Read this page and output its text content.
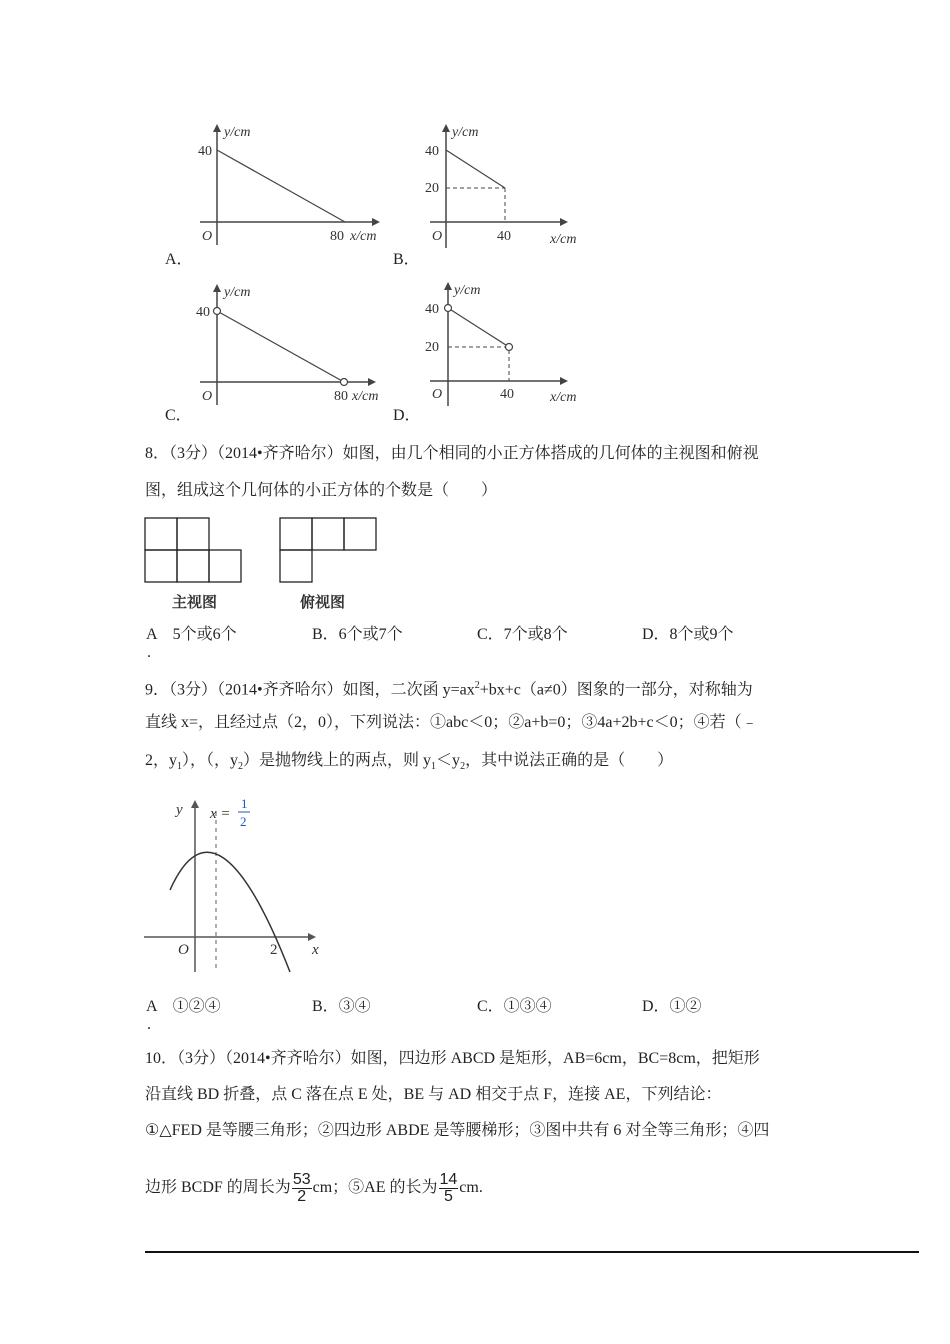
y/cm
40
O	80 x/cm
A．
y/cm
40
20
O	40	x/cm
B．
y/cm
40
O	80 x/cm
C．
y/cm
40
20
O	40	x/cm
D．
8．（3分）（2014•齐齐哈尔）如图，由几个相同的小正方体搭成的几何体的主视图和俯视
图，组成这个几何体的小正方体的个数是（　　）
主视图	俯视图
A　5个或6个	B．6个或7个	C．7个或8个	D．8个或9个
.
9．（3分）（2014•齐齐哈尔）如图，二次函 $y=ax^2+bx+c(a\ne 0)$图象的一部分，对称轴为
直线 x=，且经过点（2，0），下列说法：①abc＜0；②a+b=0；③4a+2b+c＜0；④若（﹣
2，$y_1$），（，$y_2$）是抛物线上的两点，则 $y_1<y_2$，其中说法正确的是（　　）
y
x
O	2
x =
1
2
A　①②④	B．③④	C．①③④	D．①②
.
10．（3分）（2014•齐齐哈尔）如图，四边形 ABCD 是矩形，AB=6cm，BC=8cm，把矩形
沿直线 BD 折叠，点 C 落在点 E 处，BE 与 AD 相交于点 F，连接 AE，下列结论：
①△FED 是等腰三角形；②四边形 ABDE 是等腰梯形；③图中共有 6 对全等三角形；④四
边形 BCDF 的周长为 $\frac{53}{2}$ cm；⑤AE 的长为 $\frac{14}{5}$ cm.
